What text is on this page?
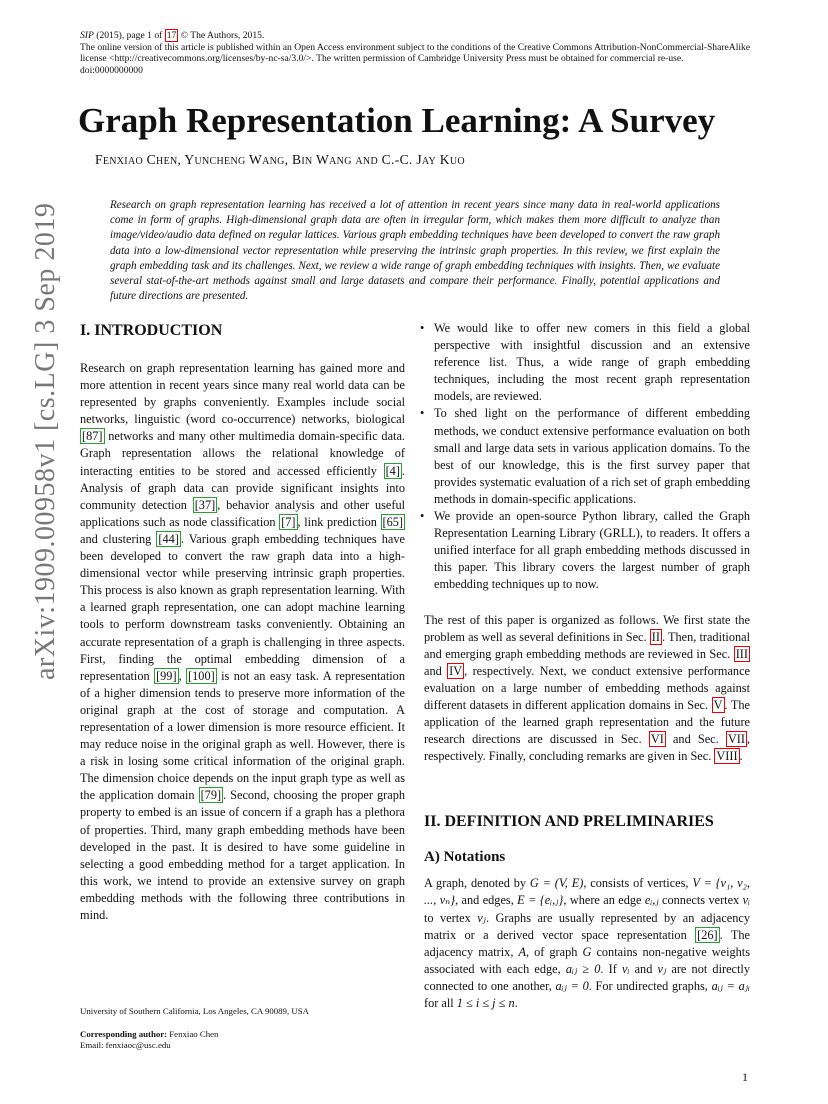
SIP (2015), page 1 of 17 © The Authors, 2015.
The online version of this article is published within an Open Access environment subject to the conditions of the Creative Commons Attribution-NonCommercial-ShareAlike license <http://creativecommons.org/licenses/by-nc-sa/3.0/>. The written permission of Cambridge University Press must be obtained for commercial re-use.
doi:0000000000
Graph Representation Learning: A Survey
Fenxiao Chen, Yuncheng Wang, Bin Wang and C.-C. Jay Kuo
Research on graph representation learning has received a lot of attention in recent years since many data in real-world applications come in form of graphs. High-dimensional graph data are often in irregular form, which makes them more difficult to analyze than image/video/audio data defined on regular lattices. Various graph embedding techniques have been developed to convert the raw graph data into a low-dimensional vector representation while preserving the intrinsic graph properties. In this review, we first explain the graph embedding task and its challenges. Next, we review a wide range of graph embedding techniques with insights. Then, we evaluate several stat-of-the-art methods against small and large datasets and compare their performance. Finally, potential applications and future directions are presented.
arXiv:1909.00958v1 [cs.LG] 3 Sep 2019 I. INTRODUCTION

Research on graph representation learning has gained more and more attention in recent years since many real world data can be represented by graphs conveniently. Examples include social networks, linguistic (word co-occurrence) networks, biological [87] networks and many other multimedia domain-specific data. Graph representation allows the relational knowledge of interacting entities to be stored and accessed efficiently [4] . Analysis of graph data can provide significant insights into community detection [37] , behavior analysis and other useful applications such as node classification [7] , link prediction [65] and clustering [44] . Various graph embedding techniques have been developed to convert the raw graph data into a high-dimensional vector while preserving intrinsic graph properties. This process is also known as graph representation learning. With a learned graph representation, one can adopt machine learning tools to perform downstream tasks conveniently. Obtaining an accurate representation of a graph is challenging in three aspects. First, finding the optimal embedding dimension of a representation [99] , [100] is not an easy task. A representation of a higher dimension tends to preserve more information of the original graph at the cost of storage and computation. A representation of a lower dimension is more resource efficient. It may reduce noise in the original graph as well. However, there is a risk in losing some critical information of the original graph. The dimension choice depends on the input graph type as well as the application domain [79] . Second, choosing the proper graph property to embed is an issue of concern if a graph has a plethora of properties. Third, many graph embedding methods have been developed in the past. It is desired to have some guideline in selecting a good embedding method for a target application. In this work, we intend to provide an extensive survey on graph embedding methods with the following three contributions in mind.

• We would like to offer new comers in this field a global perspective with insightful discussion and an extensive reference list. Thus, a wide range of graph embedding techniques, including the most recent graph representation models, are reviewed.
• To shed light on the performance of different embedding methods, we conduct extensive performance evaluation on both small and large data sets in various application domains. To the best of our knowledge, this is the first survey paper that provides systematic evaluation of a rich set of graph embedding methods in domain-specific applications.
• We provide an open-source Python library, called the Graph Representation Learning Library (GRLL), to readers. It offers a unified interface for all graph embedding methods discussed in this paper. This library covers the largest number of graph embedding techniques up to now.

The rest of this paper is organized as follows. We first state the problem as well as several definitions in Sec. II . Then, traditional and emerging graph embedding methods are reviewed in Sec. III and IV , respectively. Next, we conduct extensive performance evaluation on a large number of embedding methods against different datasets in different application domains in Sec. V . The application of the learned graph representation and the future research directions are discussed in Sec. VI and Sec. VII , respectively. Finally, concluding remarks are given in Sec. VIII .

II. DEFINITION AND PRELIMINARIES
A) Notations

A graph, denoted by G = (V, E), consists of vertices, V = {v₁, v₂, ..., vₙ}, and edges, E = {eᵢ,ⱼ}, where an edge eᵢ,ⱼ connects vertex vᵢ to vertex vⱼ. Graphs are usually represented by an adjacency matrix or a derived vector space representation [26] . The adjacency matrix, A, of graph G contains non-negative weights associated with each edge, aᵢⱼ ≥ 0. If vᵢ and vⱼ are not directly connected to one another, aᵢⱼ = 0. For undirected graphs, aᵢⱼ = aⱼᵢ for all 1 ≤ i ≤ j ≤ n.

University of Southern California, Los Angeles, CA 90089, USA
Corresponding author: Fenxiao Chen
Email: fenxiaoc@usc.edu
1
